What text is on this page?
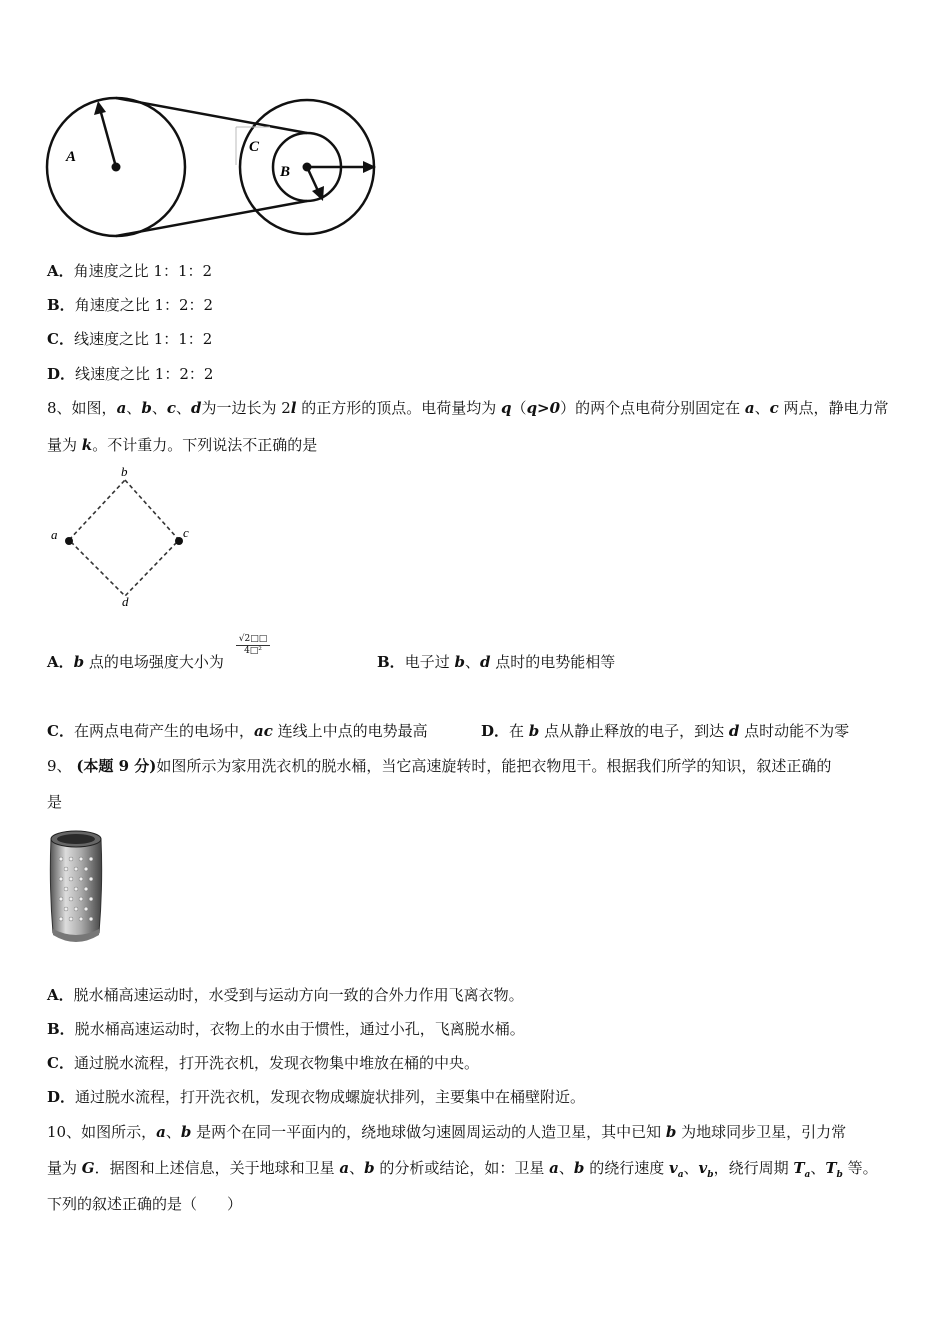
A
C
B
A．角速度之比 1：1：2
B．角速度之比 1：2：2
C．线速度之比 1：1：2
D．线速度之比 1：2：2
8、如图，a、b、c、d为一边长为 2l 的正方形的顶点。电荷量均为 q（q>0）的两个点电荷分别固定在 a、c 两点，静电力常
量为 k。不计重力。下列说法不正确的是
b
a	c
d
A．b 点的电场强度大小为
$\frac{√2□□}{\text{4□²}}$
B．电子过 b、d 点时的电势能相等
C．在两点电荷产生的电场中，ac 连线上中点的电势最高	D．在 b 点从静止释放的电子，到达 d 点时动能不为零
9、 (本题 9 分)如图所示为家用洗衣机的脱水桶，当它高速旋转时，能把衣物甩干。根据我们所学的知识，叙述正确的
是
A．脱水桶高速运动时，水受到与运动方向一致的合外力作用飞离衣物。
B．脱水桶高速运动时，衣物上的水由于惯性，通过小孔，飞离脱水桶。
C．通过脱水流程，打开洗衣机，发现衣物集中堆放在桶的中央。
D．通过脱水流程，打开洗衣机，发现衣物成螺旋状排列，主要集中在桶壁附近。
10、如图所示，a、b 是两个在同一平面内的，绕地球做匀速圆周运动的人造卫星，其中已知 b 为地球同步卫星，引力常
量为 G．据图和上述信息，关于地球和卫星 a、b 的分析或结论，如：卫星 a、b 的绕行速度 $v_a$、$v_b$，绕行周期 $T_a$、$T_b$ 等。
下列的叙述正确的是（　　）
